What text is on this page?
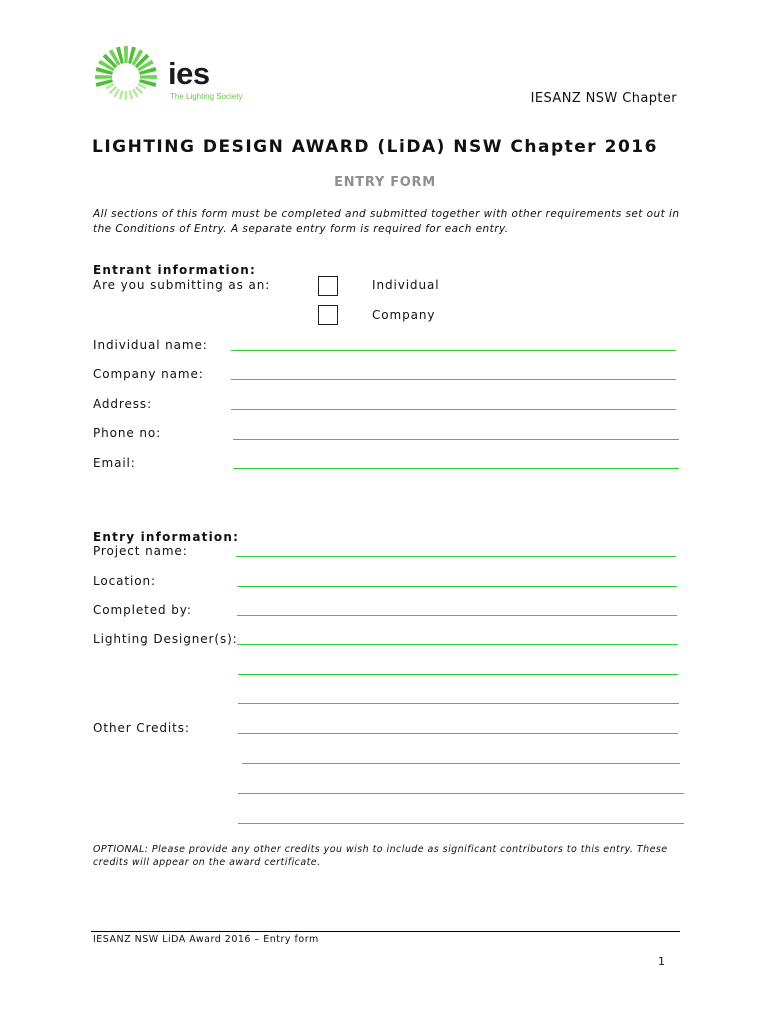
ies
The Lighting Society	IESANZ NSW Chapter
LIGHTING DESIGN AWARD (LiDA) NSW Chapter 2016
ENTRY FORM
All sections of this form must be completed and submitted together with other requirements set out in the Conditions of Entry. A separate entry form is required for each entry.
Entrant information:
Are you submitting as an:	Individual
Company
Individual name:
Company name:
Address:
Phone no:
Email:
Entry information:
Project name:
Location:
Completed by:
Lighting Designer(s):
Other Credits:
OPTIONAL: Please provide any other credits you wish to include as significant contributors to this entry. These credits will appear on the award certificate.
IESANZ NSW LiDA Award 2016 – Entry form
1
